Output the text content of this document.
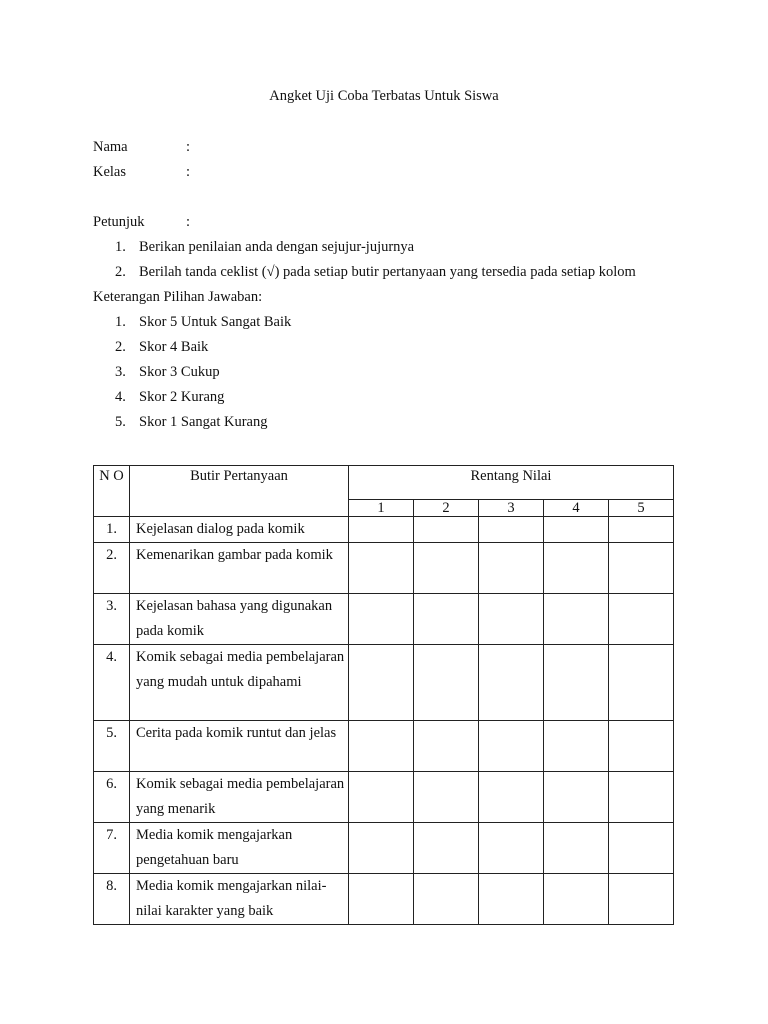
Angket Uji Coba Terbatas Untuk Siswa
Nama	:
Kelas	:
Petunjuk	:
1. Berikan penilaian anda dengan sejujur-jujurnya
2. Berilah tanda ceklist (√) pada setiap butir pertanyaan yang tersedia pada setiap kolom
Keterangan Pilihan Jawaban:
1. Skor 5 Untuk Sangat Baik
2. Skor 4 Baik
3. Skor 3 Cukup
4. Skor 2 Kurang
5. Skor 1 Sangat Kurang
N O	Butir Pertanyaan	Rentang Nilai				
		1	2	3	4	5
1.	Kejelasan dialog pada komik					
2.	Kemenarikan gambar pada komik					
3.	Kejelasan bahasa yang digunakan pada komik					
4.	Komik sebagai media pembelajaran yang mudah untuk dipahami					
5.	Cerita pada komik runtut dan jelas					
6.	Komik sebagai media pembelajaran yang menarik					
7.	Media komik mengajarkan pengetahuan baru					
8.	Media komik mengajarkan nilai-nilai karakter yang baik					
